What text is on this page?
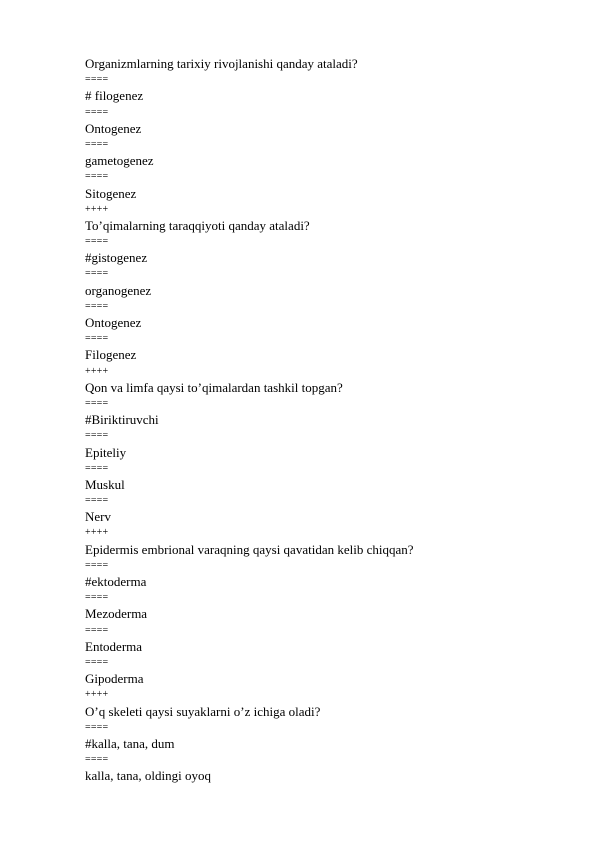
Organizmlarning tarixiy rivojlanishi qanday ataladi?
====
# filogenez
====
Ontogenez
====
gametogenez
====
Sitogenez
++++
To’qimalarning taraqqiyoti qanday ataladi?
====
#gistogenez
====
organogenez
====
Ontogenez
====
Filogenez
++++
Qon va limfa qaysi to’qimalardan tashkil topgan?
====
#Biriktiruvchi
====
Epiteliy
====
Muskul
====
Nerv
++++
Epidermis embrional varaqning qaysi qavatidan kelib chiqqan?
====
#ektoderma
====
Mezoderma
====
Entoderma
====
Gipoderma
++++
O’q skeleti qaysi suyaklarni o’z ichiga oladi?
====
#kalla, tana, dum
====
kalla, tana, oldingi oyoq
